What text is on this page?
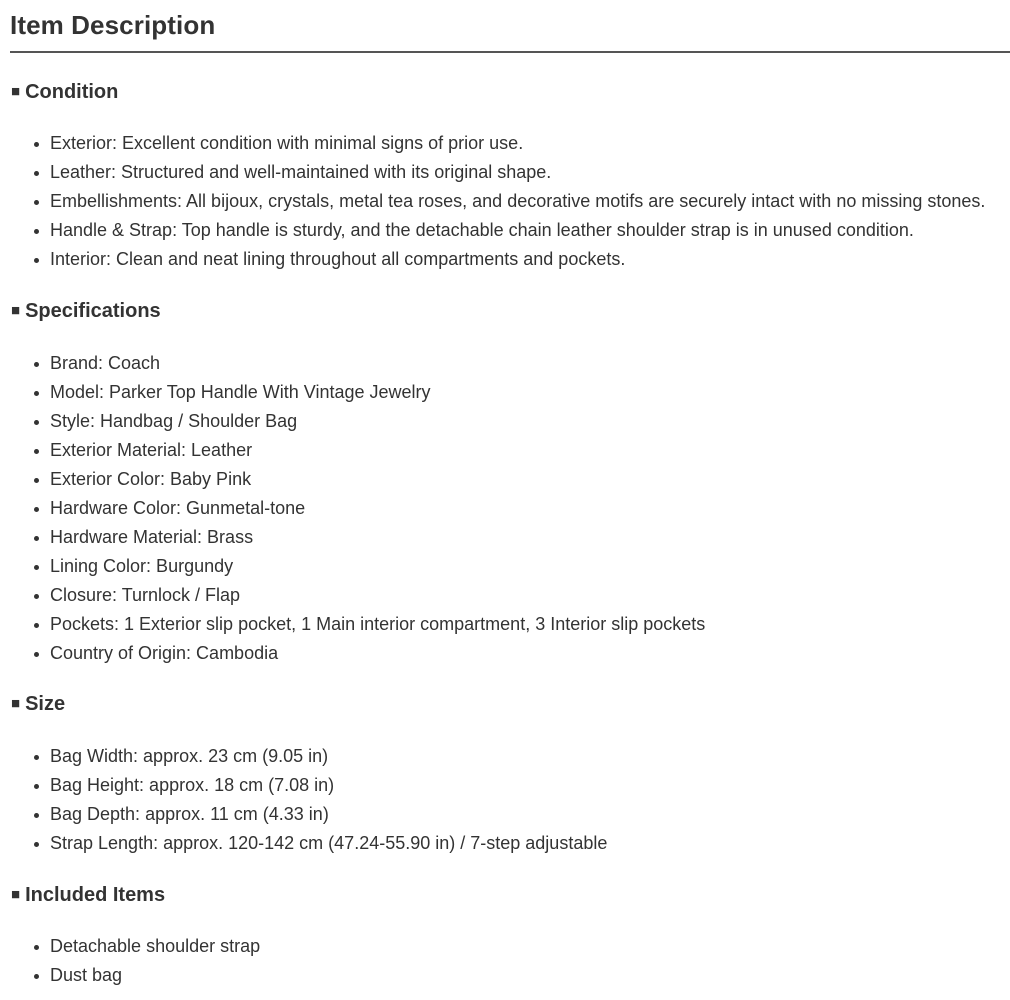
Item Description
■ Condition
Exterior: Excellent condition with minimal signs of prior use.
Leather: Structured and well-maintained with its original shape.
Embellishments: All bijoux, crystals, metal tea roses, and decorative motifs are securely intact with no missing stones.
Handle & Strap: Top handle is sturdy, and the detachable chain leather shoulder strap is in unused condition.
Interior: Clean and neat lining throughout all compartments and pockets.
■ Specifications
Brand: Coach
Model: Parker Top Handle With Vintage Jewelry
Style: Handbag / Shoulder Bag
Exterior Material: Leather
Exterior Color: Baby Pink
Hardware Color: Gunmetal-tone
Hardware Material: Brass
Lining Color: Burgundy
Closure: Turnlock / Flap
Pockets: 1 Exterior slip pocket, 1 Main interior compartment, 3 Interior slip pockets
Country of Origin: Cambodia
■ Size
Bag Width: approx. 23 cm (9.05 in)
Bag Height: approx. 18 cm (7.08 in)
Bag Depth: approx. 11 cm (4.33 in)
Strap Length: approx. 120-142 cm (47.24-55.90 in) / 7-step adjustable
■ Included Items
Detachable shoulder strap
Dust bag
